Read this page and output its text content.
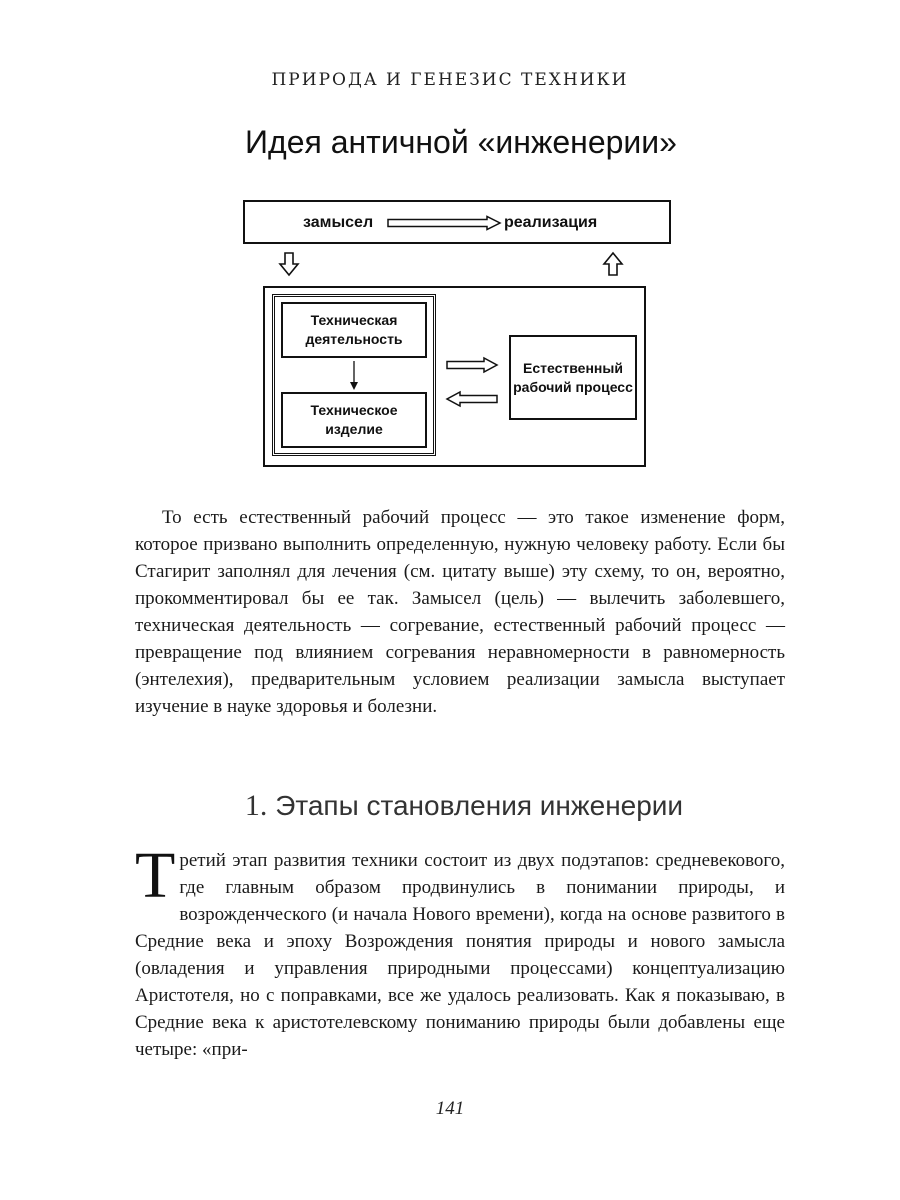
ПРИРОДА И ГЕНЕЗИС ТЕХНИКИ
Идея античной «инженерии»
замысел	реализация
Техническая деятельность
Техническое изделие
Естественный рабочий процесс

То есть естественный рабочий процесс — это такое изменение форм, которое призвано выполнить определенную, нужную человеку работу. Если бы Стагирит заполнял для лечения (см. цитату выше) эту схему, то он, вероятно, прокомментировал бы ее так. Замысел (цель) — вылечить заболевшего, техническая деятельность — согревание, естественный рабочий процесс — превращение под влиянием согревания неравномерности в равномерность (энтелехия), предварительным условием реализации замысла выступает изучение в науке здоровья и болезни.

1. Этапы становления инженерии

Т ретий этап развития техники состоит из двух подэтапов: средневекового, где главным образом продвинулись в понимании природы, и возрожденческого (и начала Нового времени), когда на основе развитого в Средние века и эпоху Возрождения понятия природы и нового замысла (овладения и управления природными процессами) концептуализацию Аристотеля, но с поправками, все же удалось реализовать. Как я показываю, в Средние века к аристотелевскому пониманию природы были добавлены еще четыре: «при-

141
